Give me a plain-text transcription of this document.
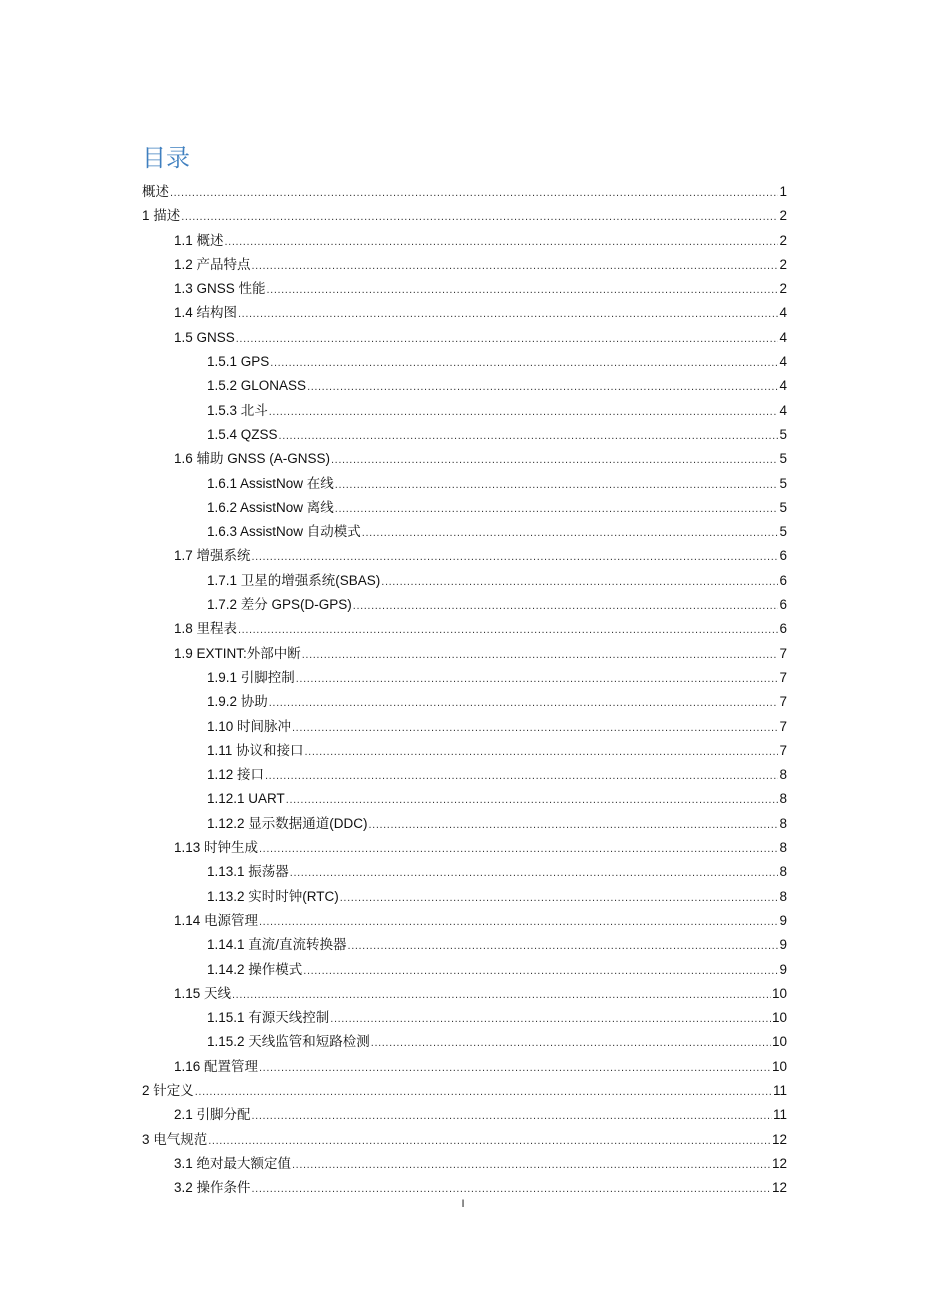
目录
概述 .....	1
1 描述 .....	2
1.1 概述 .....	2
1.2 产品特点 .....	2
1.3 GNSS 性能 .....	2
1.4 结构图 .....	4
1.5 GNSS .....	4
1.5.1 GPS .....	4
1.5.2 GLONASS .....	4
1.5.3 北斗 .....	4
1.5.4 QZSS .....	5
1.6 辅助 GNSS (A-GNSS) .....	5
1.6.1 AssistNow 在线 .....	5
1.6.2 AssistNow 离线 .....	5
1.6.3 AssistNow 自动模式 .....	5
1.7 增强系统 .....	6
1.7.1 卫星的增强系统(SBAS) .....	6
1.7.2 差分 GPS(D-GPS) .....	6
1.8 里程表 .....	6
1.9 EXTINT:外部中断 .....	7
1.9.1 引脚控制 .....	7
1.9.2 协助 .....	7
1.10 时间脉冲 .....	7
1.11 协议和接口 .....	7
1.12 接口 .....	8
1.12.1 UART .....	8
1.12.2 显示数据通道(DDC) .....	8
1.13 时钟生成 .....	8
1.13.1 振荡器 .....	8
1.13.2 实时时钟(RTC) .....	8
1.14 电源管理 .....	9
1.14.1 直流/直流转换器 .....	9
1.14.2 操作模式 .....	9
1.15 天线 .....	10
1.15.1 有源天线控制 .....	10
1.15.2 天线监管和短路检测 .....	10
1.16 配置管理 .....	10
2 针定义 .....	11
2.1 引脚分配 .....	11
3 电气规范 .....	12
3.1 绝对最大额定值 .....	12
3.2 操作条件 .....	12
I
